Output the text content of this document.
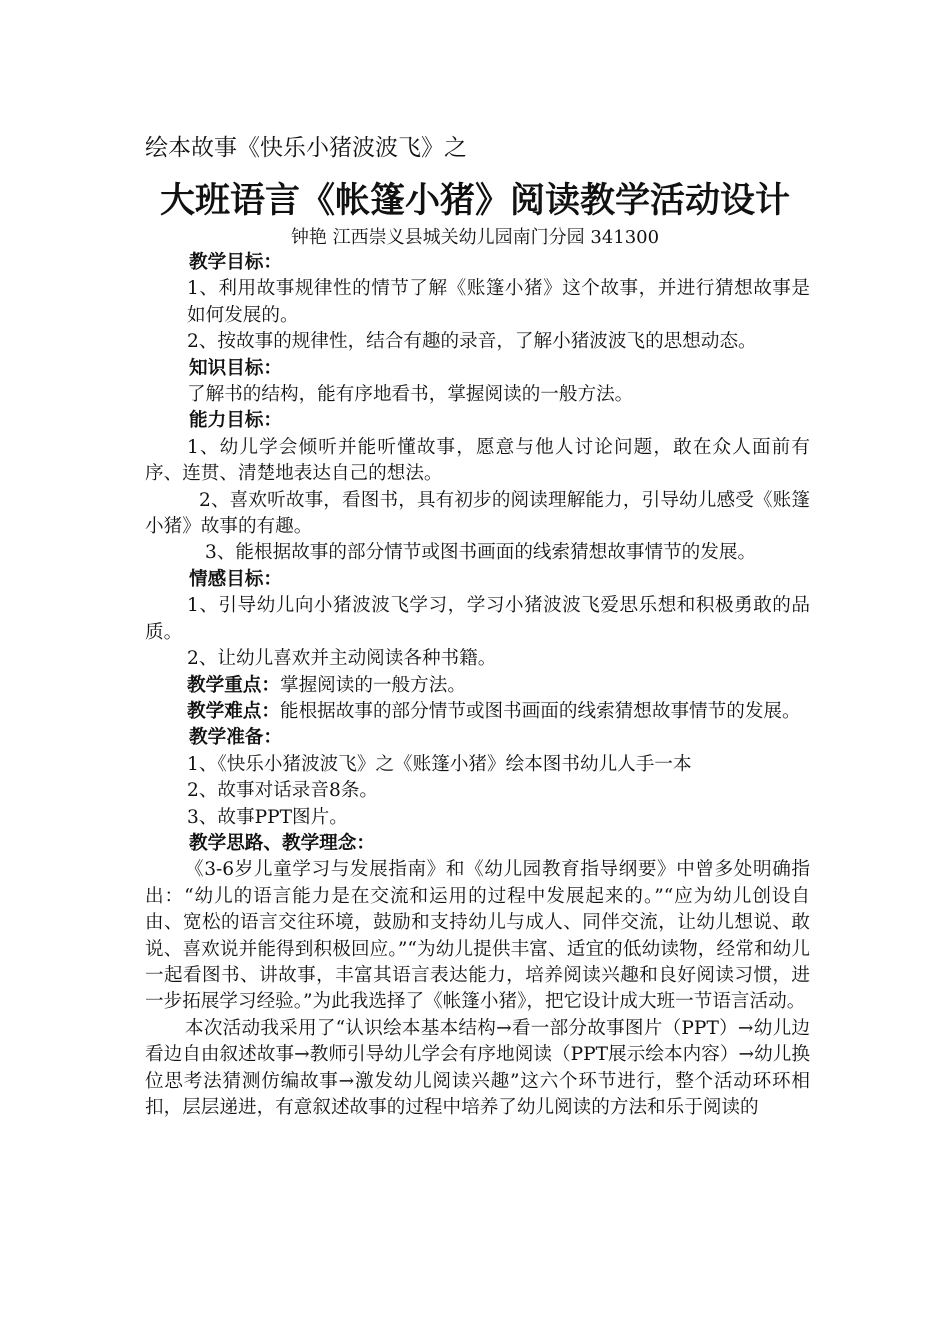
绘本故事《快乐小猪波波飞》之
大班语言《帐篷小猪》阅读教学活动设计
钟艳 江西崇义县城关幼儿园南门分园 341300

教学目标：

1、利用故事规律性的情节了解《账篷小猪》这个故事，并进行猜想故事是如何发展的。

2、按故事的规律性，结合有趣的录音，了解小猪波波飞的思想动态。

知识目标：

了解书的结构，能有序地看书，掌握阅读的一般方法。

能力目标：

1、幼儿学会倾听并能听懂故事，愿意与他人讨论问题，敢在众人面前有序、连贯、清楚地表达自己的想法。

2、喜欢听故事，看图书，具有初步的阅读理解能力，引导幼儿感受《账篷小猪》故事的有趣。

3、能根据故事的部分情节或图书画面的线索猜想故事情节的发展。

情感目标：

1、引导幼儿向小猪波波飞学习，学习小猪波波飞爱思乐想和积极勇敢的品质。

2、让幼儿喜欢并主动阅读各种书籍。

教学重点：掌握阅读的一般方法。

教学难点：能根据故事的部分情节或图书画面的线索猜想故事情节的发展。

教学准备：

1、《快乐小猪波波飞》之《账篷小猪》绘本图书幼儿人手一本

2、故事对话录音8条。

3、故事PPT图片。

教学思路、教学理念：

《3-6岁儿童学习与发展指南》和《幼儿园教育指导纲要》中曾多处明确指出：“幼儿的语言能力是在交流和运用的过程中发展起来的。”“应为幼儿创设自由、宽松的语言交往环境，鼓励和支持幼儿与成人、同伴交流，让幼儿想说、敢说、喜欢说并能得到积极回应。”“为幼儿提供丰富、适宜的低幼读物，经常和幼儿一起看图书、讲故事，丰富其语言表达能力，培养阅读兴趣和良好阅读习惯，进一步拓展学习经验。”为此我选择了《帐篷小猪》，把它设计成大班一节语言活动。

本次活动我采用了“认识绘本基本结构→看一部分故事图片（PPT）→幼儿边看边自由叙述故事→教师引导幼儿学会有序地阅读（PPT展示绘本内容）→幼儿换位思考法猜测仿编故事→激发幼儿阅读兴趣”这六个环节进行，整个活动环环相扣，层层递进，有意叙述故事的过程中培养了幼儿阅读的方法和乐于阅读的
